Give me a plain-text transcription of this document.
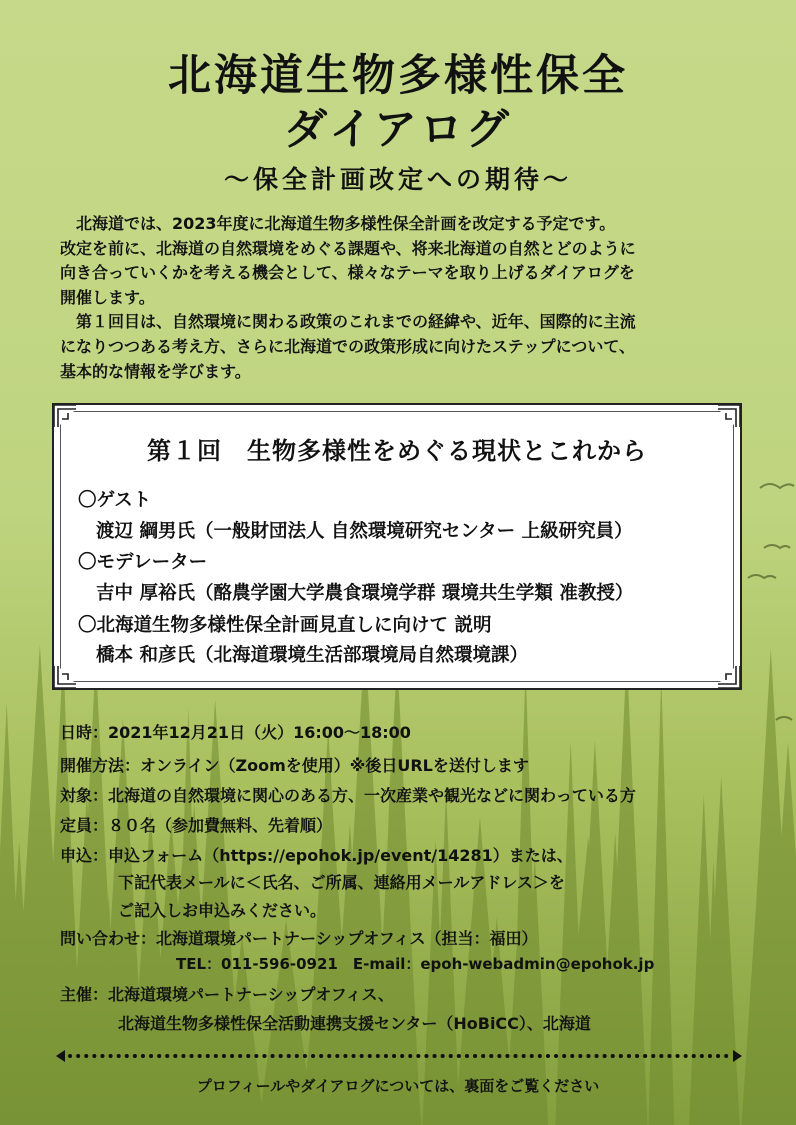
北海道生物多様性保全
ダイアログ
〜保全計画改定への期待〜

北海道では、2023年度に北海道生物多様性保全計画を改定する予定です。

改定を前に、北海道の自然環境をめぐる課題や、将来北海道の自然とどのように
向き合っていくかを考える機会として、様々なテーマを取り上げるダイアログを
開催します。

第１回目は、自然環境に関わる政策のこれまでの経緯や、近年、国際的に主流

になりつつある考え方、さらに北海道での政策形成に向けたステップについて、
基本的な情報を学びます。
第１回　生物多様性をめぐる現状とこれから
〇ゲスト
渡辺 綱男氏（一般財団法人 自然環境研究センター 上級研究員）
〇モデレーター
吉中 厚裕氏（酪農学園大学農食環境学群 環境共生学類 准教授）
〇北海道生物多様性保全計画見直しに向けて 説明
橋本 和彦氏（北海道環境生活部環境局自然環境課）
日時：2021年12月21日（火）16:00〜18:00
開催方法：オンライン（Zoomを使用）※後日URLを送付します
対象：北海道の自然環境に関心のある方、一次産業や観光などに関わっている方
定員：８０名（参加費無料、先着順）
申込：申込フォーム（https://epohok.jp/event/14281）または、
下記代表メールに＜氏名、ご所属、連絡用メールアドレス＞を
ご記入しお申込みください。
問い合わせ：北海道環境パートナーシップオフィス（担当：福田）
TEL：011-596-0921　E-mail：epoh-webadmin@epohok.jp
主催：北海道環境パートナーシップオフィス、
北海道生物多様性保全活動連携支援センター（HoBiCC）、北海道
プロフィールやダイアログについては、裏面をご覧ください
